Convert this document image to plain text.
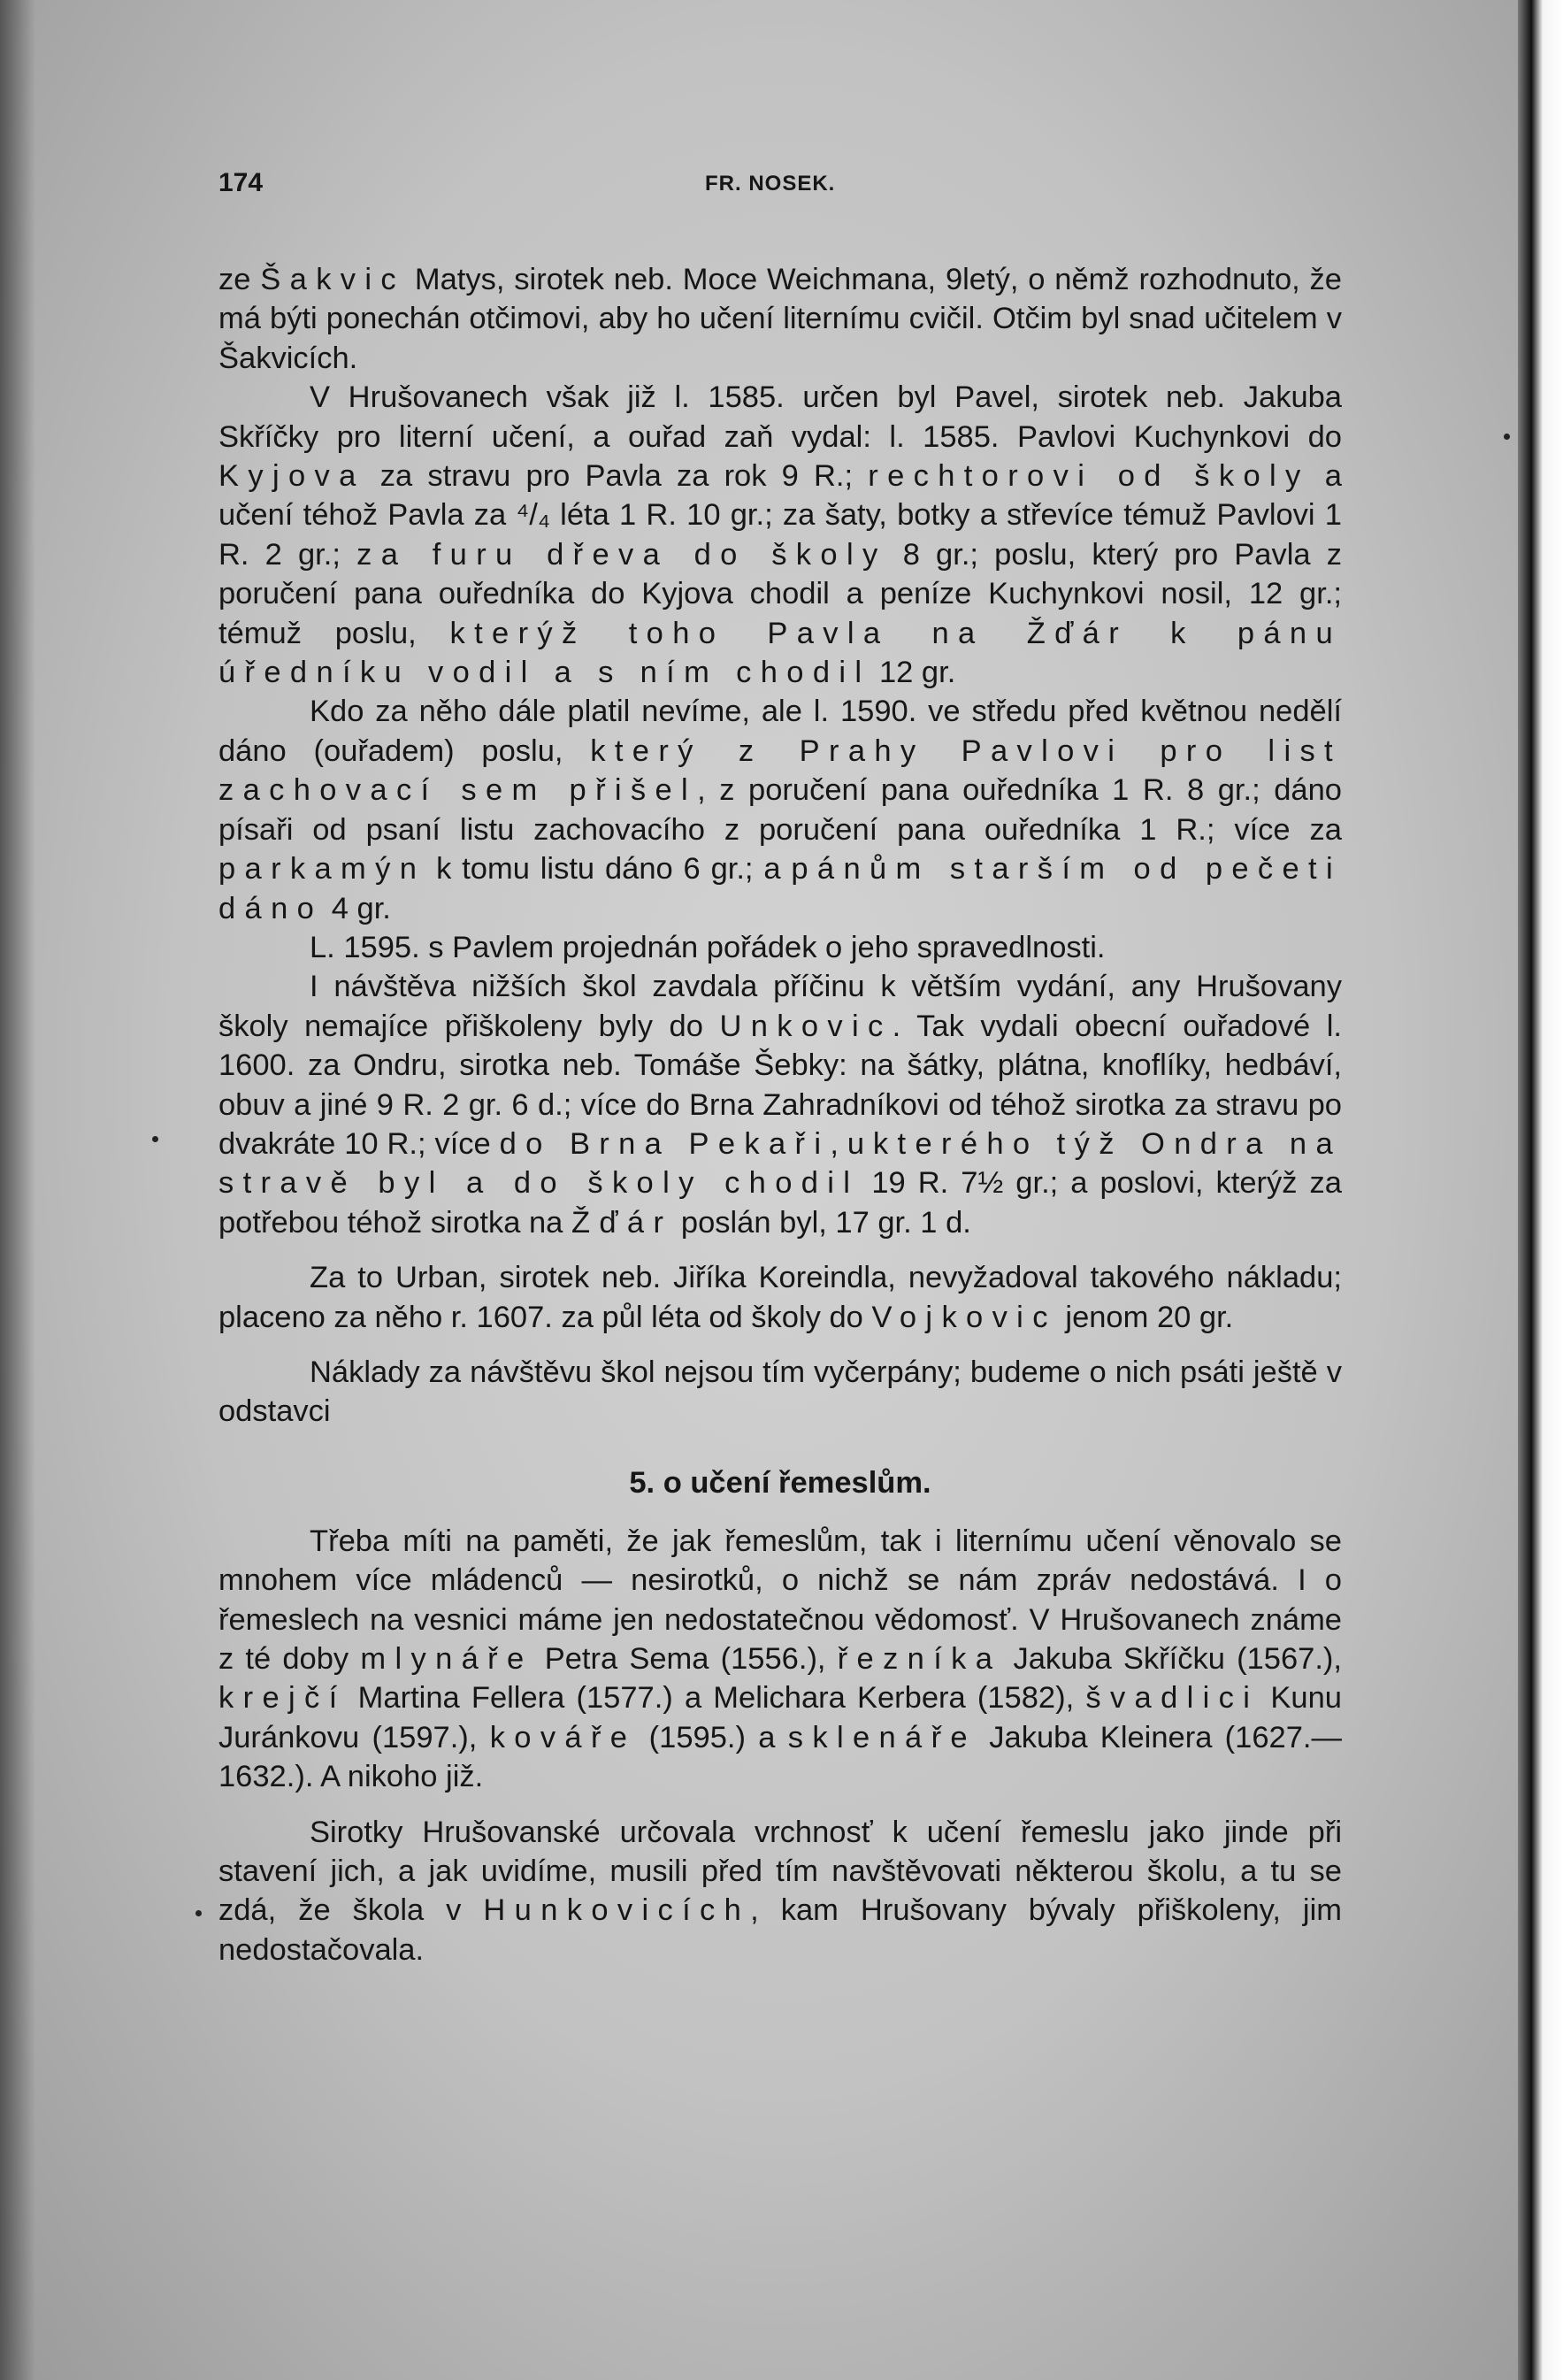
174	FR. NOSEK.

ze Šakvic Matys, sirotek neb. Moce Weichmana, 9letý, o němž rozhodnuto, že má býti ponechán otčimovi, aby ho učení liternímu cvičil. Otčim byl snad učitelem v Šakvicích.

V Hrušovanech však již l. 1585. určen byl Pavel, sirotek neb. Jakuba Skříčky pro literní učení, a ouřad zaň vydal: l. 1585. Pavlovi Kuchynkovi do Kyjova za stravu pro Pavla za rok 9 R.; rechtorovi od školy a učení téhož Pavla za ⁴/₄ léta 1 R. 10 gr.; za šaty, botky a střevíce témuž Pavlovi 1 R. 2 gr.; za furu dřeva do školy 8 gr.; poslu, který pro Pavla z poručení pana ouředníka do Kyjova chodil a peníze Kuchynkovi nosil, 12 gr.; témuž poslu, kterýž toho Pavla na Žďár k pánu úředníku vodil a s ním chodil 12 gr.

Kdo za něho dále platil nevíme, ale l. 1590. ve středu před květnou nedělí dáno (ouřadem) poslu, který z Prahy Pavlovi pro list zachovací sem přišel, z poručení pana ouředníka 1 R. 8 gr.; dáno písaři od psaní listu zachovacího z poručení pana ouředníka 1 R.; více za parkamýn k tomu listu dáno 6 gr.; a pánům starším od pečeti dáno 4 gr.

L. 1595. s Pavlem projednán pořádek o jeho spravedlnosti.

I návštěva nižších škol zavdala příčinu k větším vydání, any Hrušovany školy nemajíce přiškoleny byly do Unkovic. Tak vydali obecní ouřadové l. 1600. za Ondru, sirotka neb. Tomáše Šebky: na šátky, plátna, knoflíky, hedbáví, obuv a jiné 9 R. 2 gr. 6 d.; více do Brna Zahradníkovi od téhož sirotka za stravu po dvakráte 10 R.; více do Brna Pekaři, u kterého týž Ondra na stravě byl a do školy chodil 19 R. 7½ gr.; a poslovi, kterýž za potřebou téhož sirotka na Žďár poslán byl, 17 gr. 1 d.

Za to Urban, sirotek neb. Jiříka Koreindla, nevyžadoval takového nákladu; placeno za něho r. 1607. za půl léta od školy do Vojkovic jenom 20 gr.

Náklady za návštěvu škol nejsou tím vyčerpány; budeme o nich psáti ještě v odstavci

5. o učení řemeslům.

Třeba míti na paměti, že jak řemeslům, tak i liternímu učení věnovalo se mnohem více mládenců — nesirotků, o nichž se nám zpráv nedostává. I o řemeslech na vesnici máme jen nedostatečnou vědomosť. V Hrušovanech známe z té doby mlynáře Petra Sema (1556.), řezníka Jakuba Skříčku (1567.), krejčí Martina Fellera (1577.) a Melichara Kerbera (1582), švadlici Kunu Juránkovu (1597.), kováře (1595.) a sklenáře Jakuba Kleinera (1627.—1632.). A nikoho již.

Sirotky Hrušovanské určovala vrchnosť k učení řemeslu jako jinde při stavení jich, a jak uvidíme, musili před tím navštěvovati některou školu, a tu se zdá, že škola v Hunkovicích, kam Hrušovany bývaly přiškoleny, jim nedostačovala.
